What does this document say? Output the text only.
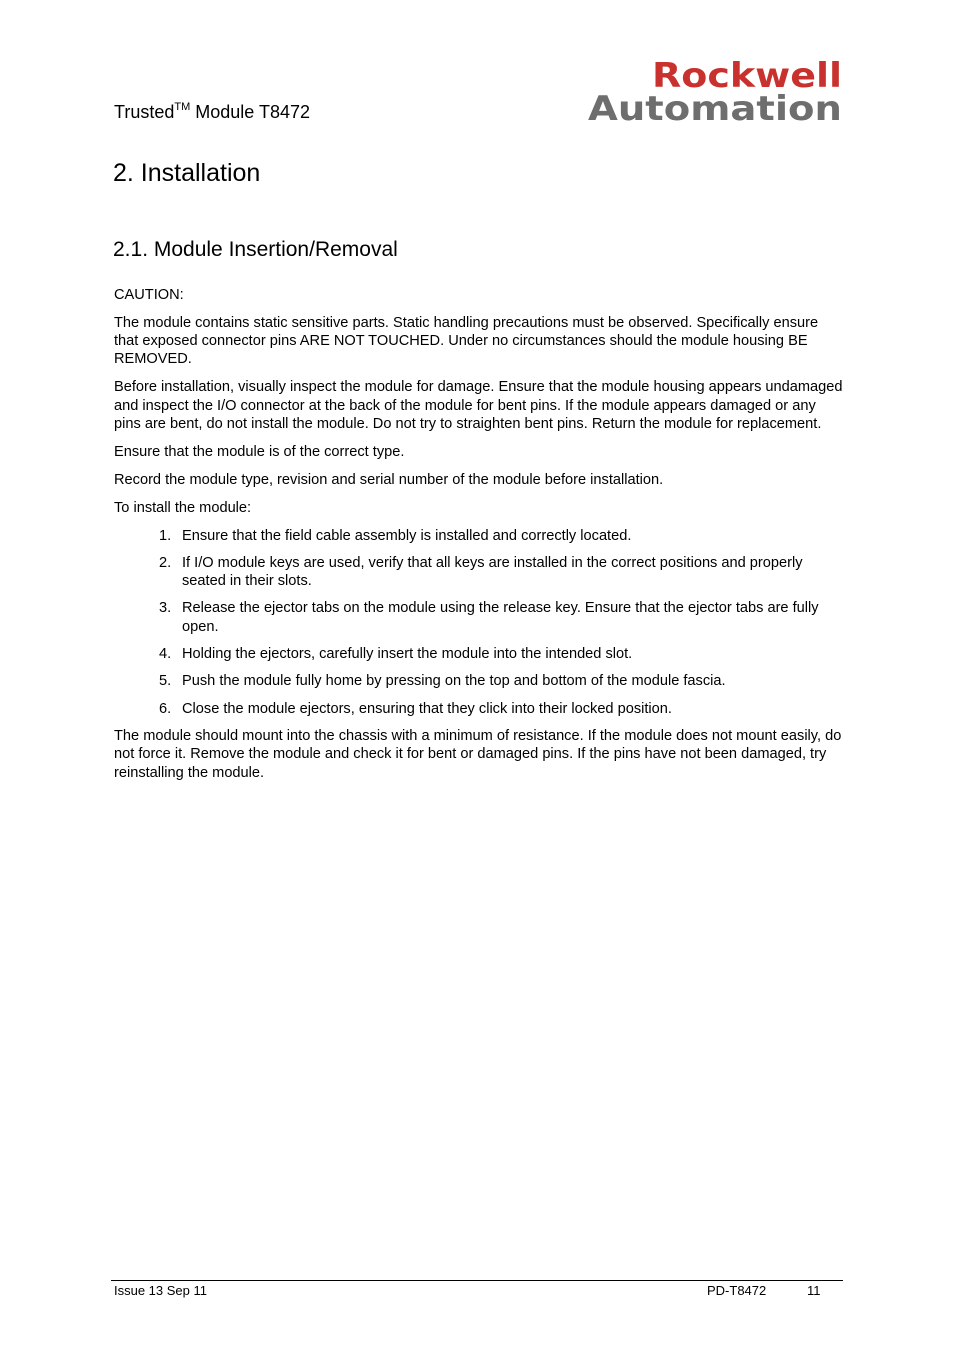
Trusted™ Module T8472
Rockwell
Automation
2. Installation
2.1. Module Insertion/Removal

CAUTION:

The module contains static sensitive parts. Static handling precautions must be observed. Specifically ensure that exposed connector pins ARE NOT TOUCHED. Under no circumstances should the module housing BE REMOVED.

Before installation, visually inspect the module for damage. Ensure that the module housing appears undamaged and inspect the I/O connector at the back of the module for bent pins. If the module appears damaged or any pins are bent, do not install the module. Do not try to straighten bent pins. Return the module for replacement.

Ensure that the module is of the correct type.

Record the module type, revision and serial number of the module before installation.

To install the module:

1. Ensure that the field cable assembly is installed and correctly located.
2. If I/O module keys are used, verify that all keys are installed in the correct positions and properly seated in their slots.
3. Release the ejector tabs on the module using the release key. Ensure that the ejector tabs are fully open.
4. Holding the ejectors, carefully insert the module into the intended slot.
5. Push the module fully home by pressing on the top and bottom of the module fascia.
6. Close the module ejectors, ensuring that they click into their locked position.

The module should mount into the chassis with a minimum of resistance. If the module does not mount easily, do not force it. Remove the module and check it for bent or damaged pins. If the pins have not been damaged, try reinstalling the module.

Issue 13 Sep 11	PD-T8472	11
